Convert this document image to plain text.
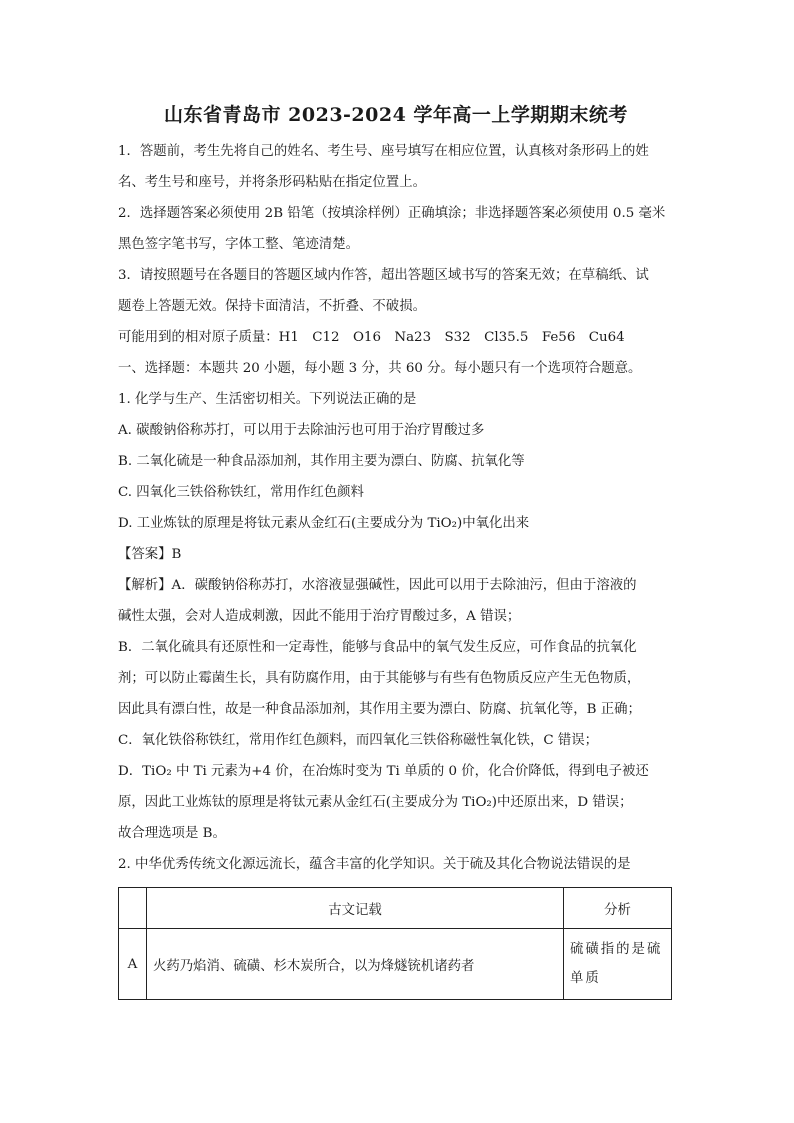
山东省青岛市 2023-2024 学年高一上学期期末统考

1．答题前，考生先将自己的姓名、考生号、座号填写在相应位置，认真核对条形码上的姓

名、考生号和座号，并将条形码粘贴在指定位置上。

2．选择题答案必须使用 2B 铅笔（按填涂样例）正确填涂；非选择题答案必须使用 0.5 毫米

黑色签字笔书写，字体工整、笔迹清楚。

3．请按照题号在各题目的答题区域内作答，超出答题区域书写的答案无效；在草稿纸、试

题卷上答题无效。保持卡面清洁，不折叠、不破损。

可能用到的相对原子质量：H1　C12　O16　Na23　S32　Cl35.5　Fe56　Cu64

一、选择题：本题共 20 小题，每小题 3 分，共 60 分。每小题只有一个选项符合题意。

1. 化学与生产、生活密切相关。下列说法正确的是

A. 碳酸钠俗称苏打，可以用于去除油污也可用于治疗胃酸过多

B. 二氧化硫是一种食品添加剂，其作用主要为漂白、防腐、抗氧化等

C. 四氧化三铁俗称铁红，常用作红色颜料

D. 工业炼钛的原理是将钛元素从金红石(主要成分为 TiO₂)中氧化出来

【答案】B

【解析】A．碳酸钠俗称苏打，水溶液显强碱性，因此可以用于去除油污，但由于溶液的

碱性太强，会对人造成刺激，因此不能用于治疗胃酸过多，A 错误；

B．二氧化硫具有还原性和一定毒性，能够与食品中的氧气发生反应，可作食品的抗氧化

剂；可以防止霉菌生长，具有防腐作用，由于其能够与有些有色物质反应产生无色物质，

因此具有漂白性，故是一种食品添加剂，其作用主要为漂白、防腐、抗氧化等，B 正确；

C．氧化铁俗称铁红，常用作红色颜料，而四氧化三铁俗称磁性氧化铁，C 错误；

D．TiO₂ 中 Ti 元素为+4 价，在冶炼时变为 Ti 单质的 0 价，化合价降低，得到电子被还

原，因此工业炼钛的原理是将钛元素从金红石(主要成分为 TiO₂)中还原出来，D 错误；

故合理选项是 B。

2. 中华优秀传统文化源远流长，蕴含丰富的化学知识。关于硫及其化合物说法错误的是

	古文记载	分析
A	火药乃焰消、硫磺、杉木炭所合，以为烽燧铳机诸药者	硫磺指的是硫单质
